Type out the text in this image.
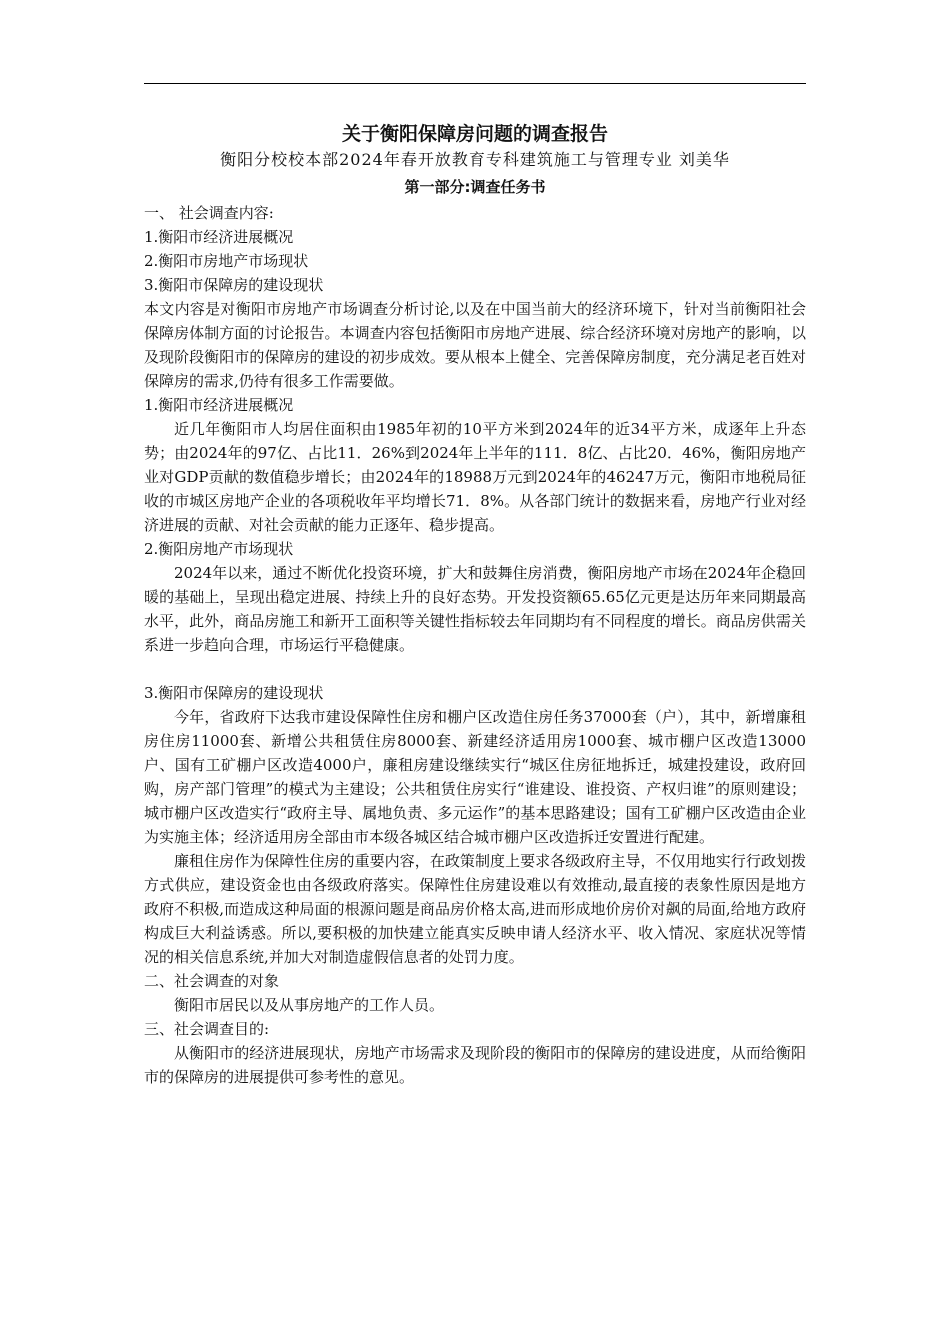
关于衡阳保障房问题的调查报告

衡阳分校校本部2024年春开放教育专科建筑施工与管理专业 刘美华

第一部分:调查任务书

一、 社会调查内容:

1.衡阳市经济进展概况

2.衡阳市房地产市场现状

3.衡阳市保障房的建设现状

本文内容是对衡阳市房地产市场调查分析讨论,以及在中国当前大的经济环境下，针对当前衡阳社会保障房体制方面的讨论报告。本调查内容包括衡阳市房地产进展、综合经济环境对房地产的影响，以及现阶段衡阳市的保障房的建设的初步成效。要从根本上健全、完善保障房制度，充分满足老百姓对保障房的需求,仍待有很多工作需要做。

1.衡阳市经济进展概况

近几年衡阳市人均居住面积由1985年初的10平方米到2024年的近34平方米，成逐年上升态势；由2024年的97亿、占比11．26%到2024年上半年的111．8亿、占比20．46%，衡阳房地产业对GDP贡献的数值稳步增长；由2024年的18988万元到2024年的46247万元，衡阳市地税局征收的市城区房地产企业的各项税收年平均增长71．8%。从各部门统计的数据来看，房地产行业对经济进展的贡献、对社会贡献的能力正逐年、稳步提高。

2.衡阳房地产市场现状

2024年以来，通过不断优化投资环境，扩大和鼓舞住房消费，衡阳房地产市场在2024年企稳回暖的基础上，呈现出稳定进展、持续上升的良好态势。开发投资额65.65亿元更是达历年来同期最高水平，此外，商品房施工和新开工面积等关键性指标较去年同期均有不同程度的增长。商品房供需关系进一步趋向合理，市场运行平稳健康。

3.衡阳市保障房的建设现状

今年，省政府下达我市建设保障性住房和棚户区改造住房任务37000套（户），其中，新增廉租房住房11000套、新增公共租赁住房8000套、新建经济适用房1000套、城市棚户区改造13000户、国有工矿棚户区改造4000户，廉租房建设继续实行“城区住房征地拆迁，城建投建设，政府回购，房产部门管理”的模式为主建设；公共租赁住房实行“谁建设、谁投资、产权归谁”的原则建设；城市棚户区改造实行“政府主导、属地负责、多元运作”的基本思路建设；国有工矿棚户区改造由企业为实施主体；经济适用房全部由市本级各城区结合城市棚户区改造拆迁安置进行配建。

廉租住房作为保障性住房的重要内容，在政策制度上要求各级政府主导，不仅用地实行行政划拨方式供应，建设资金也由各级政府落实。保障性住房建设难以有效推动,最直接的表象性原因是地方政府不积极,而造成这种局面的根源问题是商品房价格太高,进而形成地价房价对飙的局面,给地方政府构成巨大利益诱惑。所以,要积极的加快建立能真实反映申请人经济水平、收入情况、家庭状况等情况的相关信息系统,并加大对制造虚假信息者的处罚力度。

二、社会调查的对象

衡阳市居民以及从事房地产的工作人员。

三、社会调查目的:

从衡阳市的经济进展现状，房地产市场需求及现阶段的衡阳市的保障房的建设进度，从而给衡阳市的保障房的进展提供可参考性的意见。
